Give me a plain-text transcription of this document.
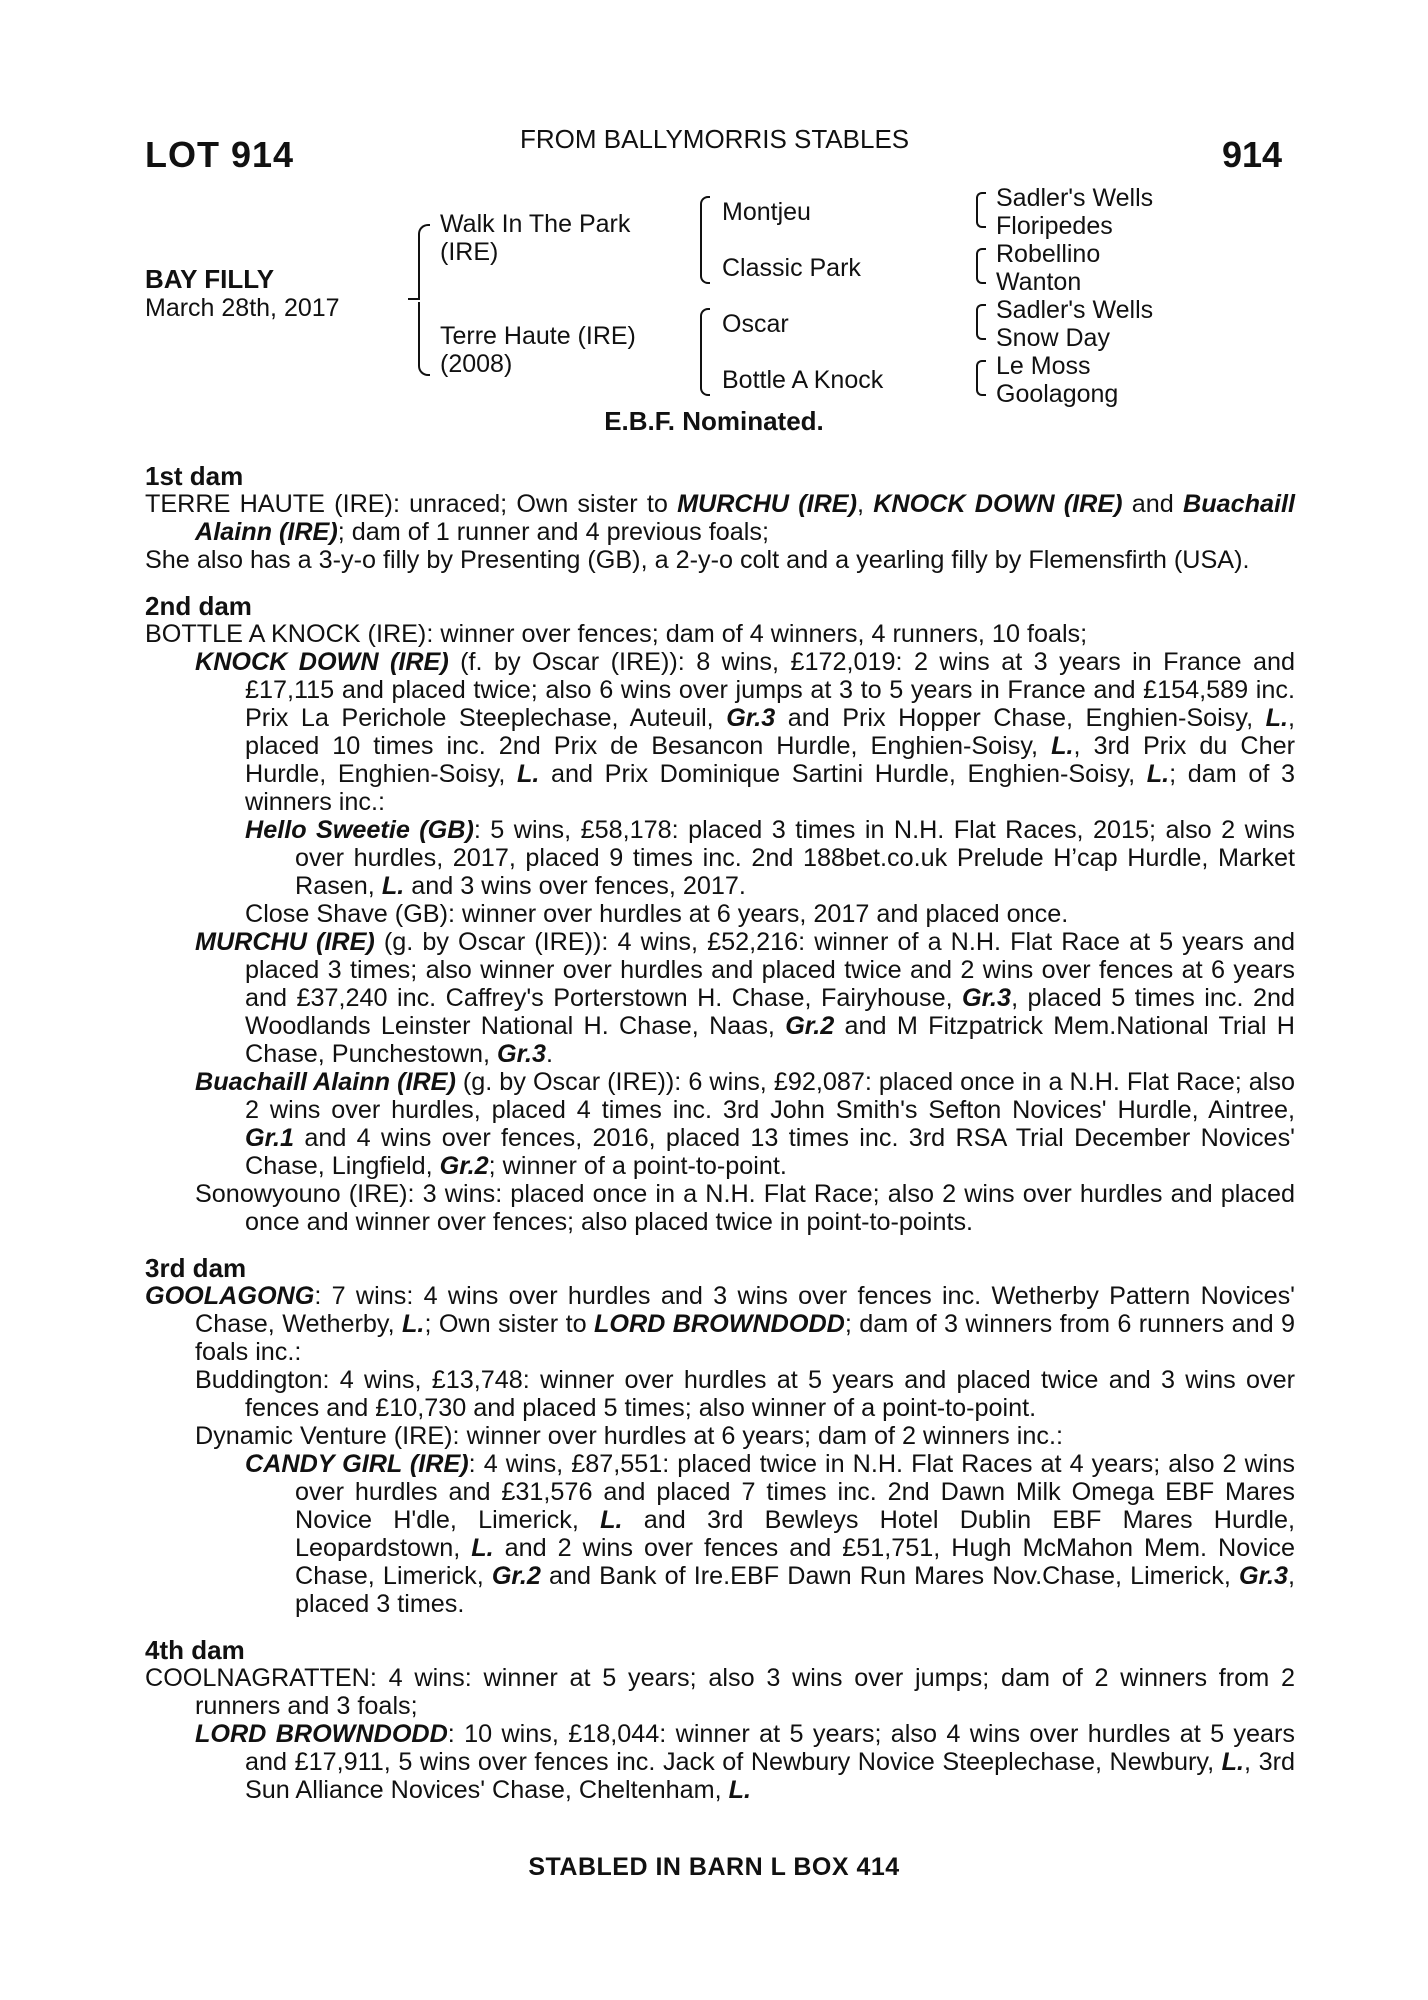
LOT 914	FROM BALLYMORRIS STABLES	914
BAY FILLY
March 28th, 2017
Walk In The Park
(IRE)
Terre Haute (IRE)
(2008)
Montjeu
Classic Park
Oscar
Bottle A Knock
Sadler's Wells
Floripedes
Robellino
Wanton
Sadler's Wells
Snow Day
Le Moss
Goolagong
E.B.F. Nominated.
1st dam
TERRE HAUTE (IRE): unraced; Own sister to MURCHU (IRE), KNOCK DOWN (IRE) and Buachaill Alainn (IRE); dam of 1 runner and 4 previous foals;
She also has a 3-y-o filly by Presenting (GB), a 2-y-o colt and a yearling filly by Flemensfirth (USA).
2nd dam
BOTTLE A KNOCK (IRE): winner over fences; dam of 4 winners, 4 runners, 10 foals;
KNOCK DOWN (IRE) (f. by Oscar (IRE)): 8 wins, £172,019: 2 wins at 3 years in France and £17,115 and placed twice; also 6 wins over jumps at 3 to 5 years in France and £154,589 inc. Prix La Perichole Steeplechase, Auteuil, Gr.3 and Prix Hopper Chase, Enghien-Soisy, L., placed 10 times inc. 2nd Prix de Besancon Hurdle, Enghien-Soisy, L., 3rd Prix du Cher Hurdle, Enghien-Soisy, L. and Prix Dominique Sartini Hurdle, Enghien-Soisy, L.; dam of 3 winners inc.:
Hello Sweetie (GB): 5 wins, £58,178: placed 3 times in N.H. Flat Races, 2015; also 2 wins over hurdles, 2017, placed 9 times inc. 2nd 188bet.co.uk Prelude H’cap Hurdle, Market Rasen, L. and 3 wins over fences, 2017.
Close Shave (GB): winner over hurdles at 6 years, 2017 and placed once.
MURCHU (IRE) (g. by Oscar (IRE)): 4 wins, £52,216: winner of a N.H. Flat Race at 5 years and placed 3 times; also winner over hurdles and placed twice and 2 wins over fences at 6 years and £37,240 inc. Caffrey's Porterstown H. Chase, Fairyhouse, Gr.3, placed 5 times inc. 2nd Woodlands Leinster National H. Chase, Naas, Gr.2 and M Fitzpatrick Mem.National Trial H Chase, Punchestown, Gr.3.
Buachaill Alainn (IRE) (g. by Oscar (IRE)): 6 wins, £92,087: placed once in a N.H. Flat Race; also 2 wins over hurdles, placed 4 times inc. 3rd John Smith's Sefton Novices' Hurdle, Aintree, Gr.1 and 4 wins over fences, 2016, placed 13 times inc. 3rd RSA Trial December Novices' Chase, Lingfield, Gr.2; winner of a point-to-point.
Sonowyouno (IRE): 3 wins: placed once in a N.H. Flat Race; also 2 wins over hurdles and placed once and winner over fences; also placed twice in point-to-points.
3rd dam
GOOLAGONG: 7 wins: 4 wins over hurdles and 3 wins over fences inc. Wetherby Pattern Novices' Chase, Wetherby, L.; Own sister to LORD BROWNDODD; dam of 3 winners from 6 runners and 9 foals inc.:
Buddington: 4 wins, £13,748: winner over hurdles at 5 years and placed twice and 3 wins over fences and £10,730 and placed 5 times; also winner of a point-to-point.
Dynamic Venture (IRE): winner over hurdles at 6 years; dam of 2 winners inc.:
CANDY GIRL (IRE): 4 wins, £87,551: placed twice in N.H. Flat Races at 4 years; also 2 wins over hurdles and £31,576 and placed 7 times inc. 2nd Dawn Milk Omega EBF Mares Novice H'dle, Limerick, L. and 3rd Bewleys Hotel Dublin EBF Mares Hurdle, Leopardstown, L. and 2 wins over fences and £51,751, Hugh McMahon Mem. Novice Chase, Limerick, Gr.2 and Bank of Ire.EBF Dawn Run Mares Nov.Chase, Limerick, Gr.3, placed 3 times.
4th dam
COOLNAGRATTEN: 4 wins: winner at 5 years; also 3 wins over jumps; dam of 2 winners from 2 runners and 3 foals;
LORD BROWNDODD: 10 wins, £18,044: winner at 5 years; also 4 wins over hurdles at 5 years and £17,911, 5 wins over fences inc. Jack of Newbury Novice Steeplechase, Newbury, L., 3rd Sun Alliance Novices' Chase, Cheltenham, L.
STABLED IN BARN L BOX 414
